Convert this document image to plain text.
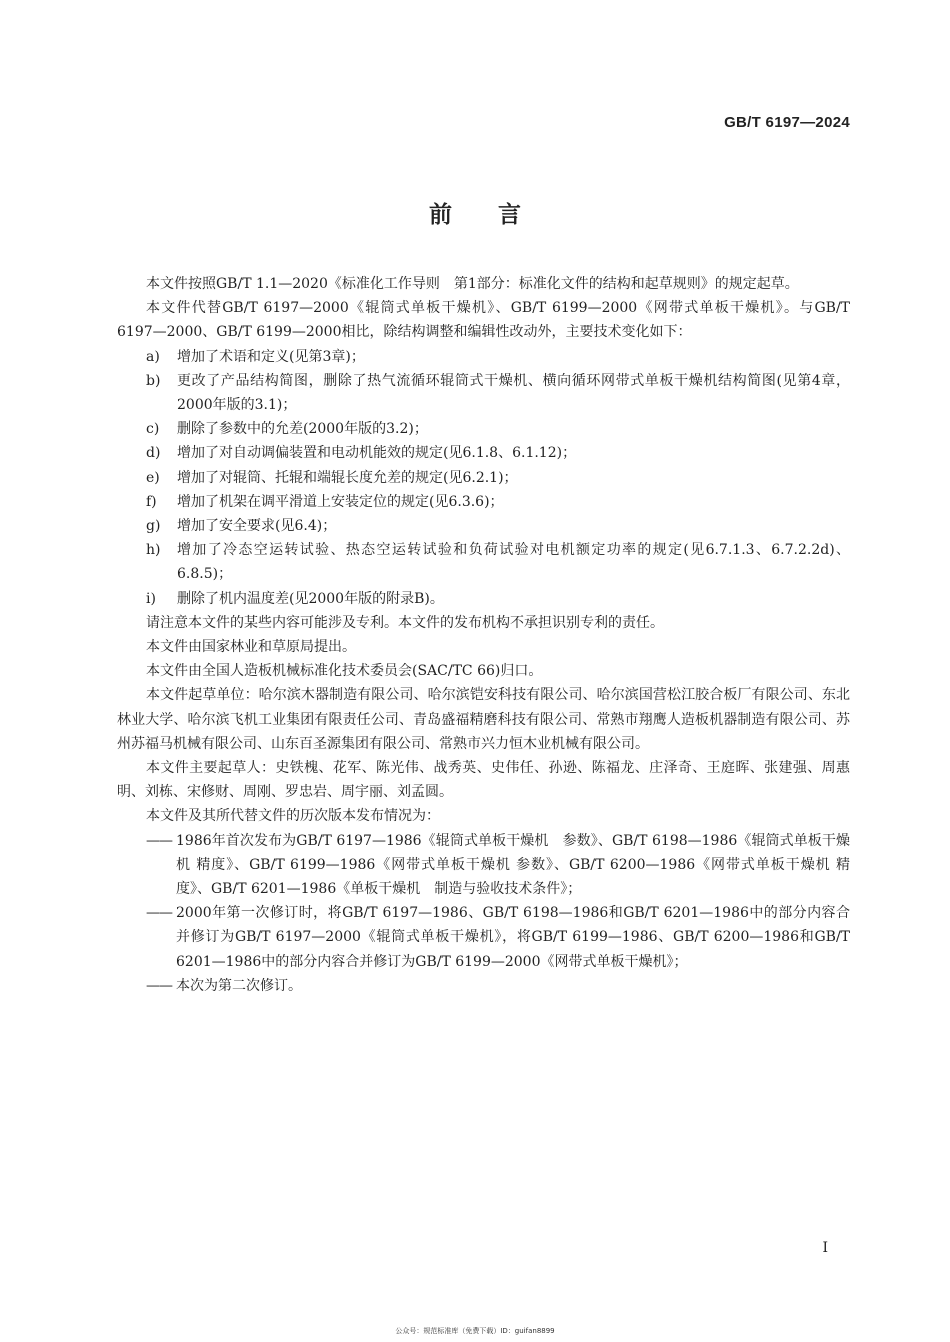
GB/T 6197—2024
前言

本文件按照GB/T 1.1—2020《标准化工作导则　第1部分：标准化文件的结构和起草规则》的规定起草。

本文件代替GB/T 6197—2000《辊筒式单板干燥机》、GB/T 6199—2000《网带式单板干燥机》。与GB/T 6197—2000、GB/T 6199—2000相比，除结构调整和编辑性改动外，主要技术变化如下：

a)	增加了术语和定义(见第3章)；
b)	更改了产品结构简图，删除了热气流循环辊筒式干燥机、横向循环网带式单板干燥机结构简图(见第4章，2000年版的3.1)；
c)	删除了参数中的允差(2000年版的3.2)；
d)	增加了对自动调偏装置和电动机能效的规定(见6.1.8、6.1.12)；
e)	增加了对辊筒、托辊和端辊长度允差的规定(见6.2.1)；
f)	增加了机架在调平滑道上安装定位的规定(见6.3.6)；
g)	增加了安全要求(见6.4)；
h)	增加了冷态空运转试验、热态空运转试验和负荷试验对电机额定功率的规定(见6.7.1.3、6.7.2.2d)、6.8.5)；
i)	删除了机内温度差(见2000年版的附录B)。

请注意本文件的某些内容可能涉及专利。本文件的发布机构不承担识别专利的责任。

本文件由国家林业和草原局提出。

本文件由全国人造板机械标准化技术委员会(SAC/TC 66)归口。

本文件起草单位：哈尔滨木器制造有限公司、哈尔滨铠安科技有限公司、哈尔滨国营松江胶合板厂有限公司、东北林业大学、哈尔滨飞机工业集团有限责任公司、青岛盛福精磨科技有限公司、常熟市翔鹰人造板机器制造有限公司、苏州苏福马机械有限公司、山东百圣源集团有限公司、常熟市兴力恒木业机械有限公司。

本文件主要起草人：史铁槐、花军、陈光伟、战秀英、史伟任、孙逊、陈福龙、庄泽奇、王庭晖、张建强、周惠明、刘栋、宋修财、周刚、罗忠岩、周宇丽、刘孟圆。

本文件及其所代替文件的历次版本发布情况为：

—— 1986年首次发布为GB/T 6197—1986《辊筒式单板干燥机　参数》、GB/T 6198—1986《辊筒式单板干燥机 精度》、GB/T 6199—1986《网带式单板干燥机 参数》、GB/T 6200—1986《网带式单板干燥机 精度》、GB/T 6201—1986《单板干燥机　制造与验收技术条件》；
—— 2000年第一次修订时，将GB/T 6197—1986、GB/T 6198—1986和GB/T 6201—1986中的部分内容合并修订为GB/T 6197—2000《辊筒式单板干燥机》，将GB/T 6199—1986、GB/T 6200—1986和GB/T 6201—1986中的部分内容合并修订为GB/T 6199—2000《网带式单板干燥机》；
—— 本次为第二次修订。
I
公众号：规范标准库（免费下载）ID：guifan8899
